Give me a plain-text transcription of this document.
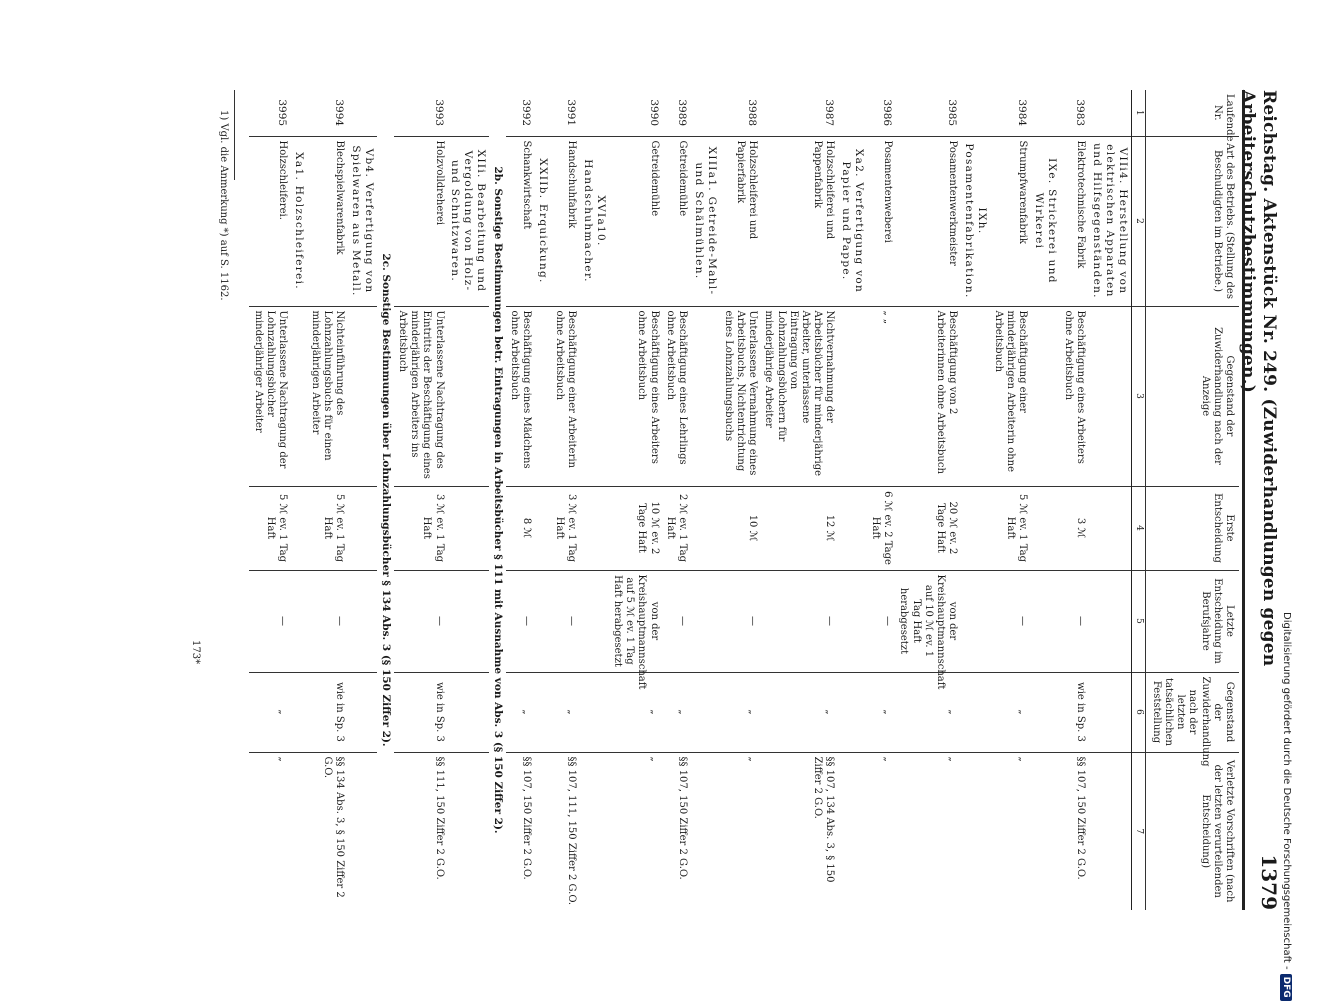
Reichstag. Aktenstück Nr. 249. (Zuwiderhandlungen gegen Arbeiterschutzbestimmungen.)
1379
Laufende Nr.	Art des Betriebs. (Stellung des Beschuldigten im Betriebe.)	Gegenstand der Zuwiderhandlung nach der Anzeige	Erste Entscheidung	Letzte Entscheidung im Berufsjahre	Gegenstand der Zuwiderhandlung nach der letzten tatsächlichen Feststellung	Verletzte Vorschriften (nach der letzten verurteilenden Entscheidung)
1	2	3	4	5	6	7
	VIIi4. Herstellung von elektrischen Apparaten und Hilfsgegenständen.					
3983	Elektrotechnische Fabrik	Beschäftigung eines Arbeiters ohne Arbeitsbuch	3 ℳ	—	wie in Sp. 3	§§ 107, 150 Ziffer 2 G.O.
	IXe. Strickerei und Wirkerei					
3984	Strumpfwarenfabrik	Beschäftigung einer minderjährigen Arbeiterin ohne Arbeitsbuch	5 ℳ ev. 1 Tag Haft	—	„	„
	IXh. Posamentenfabrikation.					
3985	Posamentenwerkmeister	Beschäftigung von 2 Arbeiterinnen ohne Arbeitsbuch	20 ℳ ev. 2 Tage Haft	von der Kreishauptmannschaft auf 10 ℳ ev. 1 Tag Haft herabgesetzt	„	„
3986	Posamentenweberei	„ „	6 ℳ ev. 2 Tage Haft	—	„	„
	Xa2. Verfertigung von Papier und Pappe.					
3987	Holzschleiferei und Pappenfabrik	Nichtvernahmung der Arbeitsbücher für minderjährige Arbeiter, unterlassene Eintragung von Lohnzahlungsbüchern für minderjährige Arbeiter	12 ℳ	—	„	§§ 107, 134 Abs. 3, § 150 Ziffer 2 G.O.
3988	Holzschleiferei und Papierfabrik	Unterlassene Vernahmung eines Arbeitsbuchs, Nichtentrichtung eines Lohnzahlungsbuchs	10 ℳ	—	„	„
	XIIIa1. Getreide-Mahl- und Schälmühlen.					
3989	Getreidemühle	Beschäftigung eines Lehrlings ohne Arbeitsbuch	2 ℳ ev. 1 Tag Haft	—	„	§§ 107, 150 Ziffer 2 G.O.
3990	Getreidemühle	Beschäftigung eines Arbeiters ohne Arbeitsbuch	10 ℳ ev. 2 Tage Haft	von der Kreishauptmannschaft auf 5 ℳ ev. 1 Tag Haft herabgesetzt	„	„
	XVIa10. Handschuhmacher.					
3991	Handschuhfabrik	Beschäftigung einer Arbeiterin ohne Arbeitsbuch	3 ℳ ev. 1 Tag Haft	—	„	§§ 107, 111, 150 Ziffer 2 G.O.
	XXIIb. Erquickung.					
3992	Schankwirtschaft	Beschäftigung eines Mädchens ohne Arbeitsbuch	8 ℳ	—	„	§§ 107, 150 Ziffer 2 G.O.
2b. Sonstige Bestimmungen betr. Eintragungen in Arbeitsbücher § 111 mit Ausnahme von Abs. 3 (§ 150 Ziffer 2).						
	XIIi. Bearbeitung und Vergoldung von Holz- und Schnitzwaren.					
3993	Holzvolldreherei	Unterlassene Nachtragung des Eintritts der Beschäftigung eines minderjährigen Arbeiters ins Arbeitsbuch	3 ℳ ev. 1 Tag Haft	—	wie in Sp. 3	§§ 111, 150 Ziffer 2 G.O.
2c. Sonstige Bestimmungen über Lohnzahlungsbücher § 134 Abs. 3 (§ 150 Ziffer 2).						
	Vb4. Verfertigung von Spielwaren aus Metall.					
3994	Blechspielwarenfabrik	Nichteinführung des Lohnzahlungsbuchs für einen minderjährigen Arbeiter	5 ℳ ev. 1 Tag Haft	—	wie in Sp. 3	§§ 134 Abs. 3, § 150 Ziffer 2 G.O.
	Xa1. Holzschleiferei.					
3995	Holzschleiferei.	Unterlassene Nachtragung der Lohnzahlungsbücher minderjähriger Arbeiter	5 ℳ ev. 1 Tag Haft	—	„	„
1) Vgl. die Anmerkung *) auf S. 1162.
173*	Digitalisierung gefördert durch die Deutsche Forschungsgemeinschaft -DFG
